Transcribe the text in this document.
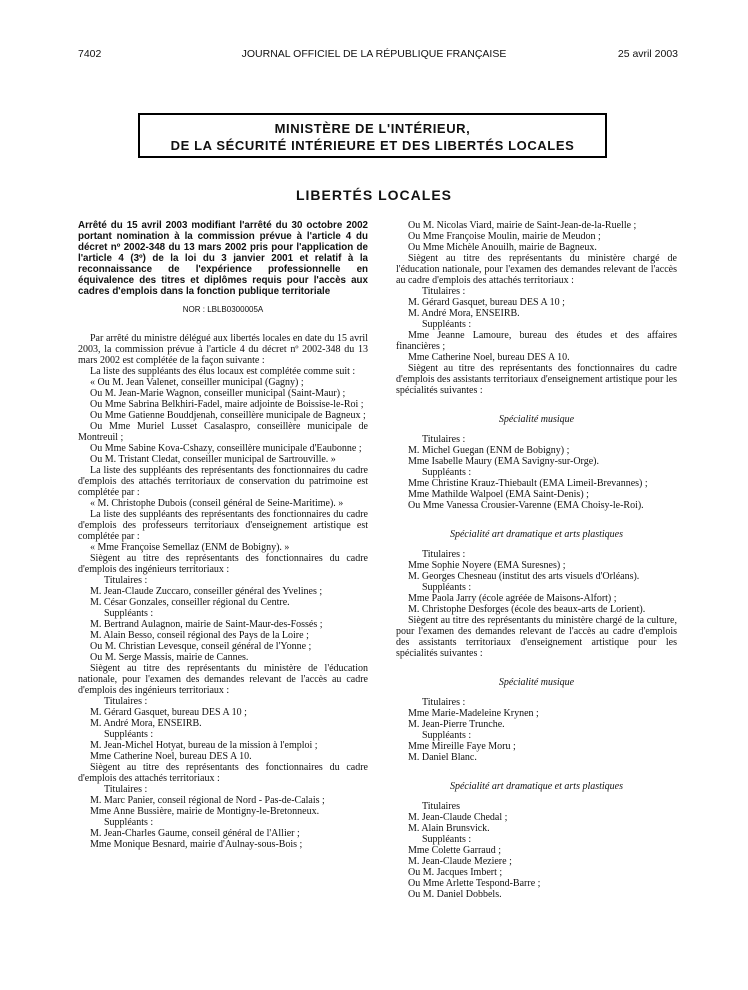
7402	JOURNAL OFFICIEL DE LA RÉPUBLIQUE FRANÇAISE	25 avril 2003
MINISTÈRE DE L'INTÉRIEUR,
DE LA SÉCURITÉ INTÉRIEURE ET DES LIBERTÉS LOCALES
LIBERTÉS LOCALES

Arrêté du 15 avril 2003 modifiant l'arrêté du 30 octobre 2002 portant nomination à la commission prévue à l'article 4 du décret nº 2002-348 du 13 mars 2002 pris pour l'application de l'article 4 (3º) de la loi du 3 janvier 2001 et relatif à la reconnaissance de l'expérience professionnelle en équivalence des titres et diplômes requis pour l'accès aux cadres d'emplois dans la fonction publique territoriale

NOR : LBLB0300005A

Par arrêté du ministre délégué aux libertés locales en date du 15 avril 2003, la commission prévue à l'article 4 du décret nº 2002-348 du 13 mars 2002 est complétée de la façon suivante :

La liste des suppléants des élus locaux est complétée comme suit :

« Ou M. Jean Valenet, conseiller municipal (Gagny) ;

Ou M. Jean-Marie Wagnon, conseiller municipal (Saint-Maur) ;

Ou Mme Sabrina Belkhiri-Fadel, maire adjointe de Boissise-le-Roi ;

Ou Mme Gatienne Bouddjenah, conseillère municipale de Bagneux ;

Ou Mme Muriel Lusset Casalaspro, conseillère municipale de Montreuil ;

Ou Mme Sabine Kova-Cshazy, conseillère municipale d'Eaubonne ;

Ou M. Tristant Cledat, conseiller municipal de Sartrouville. »

La liste des suppléants des représentants des fonctionnaires du cadre d'emplois des attachés territoriaux de conservation du patrimoine est complétée par :

« M. Christophe Dubois (conseil général de Seine-Maritime). »

La liste des suppléants des représentants des fonctionnaires du cadre d'emplois des professeurs territoriaux d'enseignement artistique est complétée par :

« Mme Françoise Semellaz (ENM de Bobigny). »

Siègent au titre des représentants des fonctionnaires du cadre d'emplois des ingénieurs territoriaux :

Titulaires :

M. Jean-Claude Zuccaro, conseiller général des Yvelines ;

M. César Gonzales, conseiller régional du Centre.

Suppléants :

M. Bertrand Aulagnon, mairie de Saint-Maur-des-Fossés ;

M. Alain Besso, conseil régional des Pays de la Loire ;

Ou M. Christian Levesque, conseil général de l'Yonne ;

Ou M. Serge Massis, mairie de Cannes.

Siègent au titre des représentants du ministère de l'éducation nationale, pour l'examen des demandes relevant de l'accès au cadre d'emplois des ingénieurs territoriaux :

Titulaires :

M. Gérard Gasquet, bureau DES A 10 ;

M. André Mora, ENSEIRB.

Suppléants :

M. Jean-Michel Hotyat, bureau de la mission à l'emploi ;

Mme Catherine Noel, bureau DES A 10.

Siègent au titre des représentants des fonctionnaires du cadre d'emplois des attachés territoriaux :

Titulaires :

M. Marc Panier, conseil régional de Nord - Pas-de-Calais ;

Mme Anne Bussière, mairie de Montigny-le-Bretonneux.

Suppléants :

M. Jean-Charles Gaume, conseil général de l'Allier ;

Mme Monique Besnard, mairie d'Aulnay-sous-Bois ;

Ou M. Nicolas Viard, mairie de Saint-Jean-de-la-Ruelle ;

Ou Mme Françoise Moulin, mairie de Meudon ;

Ou Mme Michèle Anouilh, mairie de Bagneux.

Siègent au titre des représentants du ministère chargé de l'éducation nationale, pour l'examen des demandes relevant de l'accès au cadre d'emplois des attachés territoriaux :

Titulaires :

M. Gérard Gasquet, bureau DES A 10 ;

M. André Mora, ENSEIRB.

Suppléants :

Mme Jeanne Lamoure, bureau des études et des affaires financières ;

Mme Catherine Noel, bureau DES A 10.

Siègent au titre des représentants des fonctionnaires du cadre d'emplois des assistants territoriaux d'enseignement artistique pour les spécialités suivantes :

Spécialité musique

Titulaires :

M. Michel Guegan (ENM de Bobigny) ;

Mme Isabelle Maury (EMA Savigny-sur-Orge).

Suppléants :

Mme Christine Krauz-Thiebault (EMA Limeil-Brevannes) ;

Mme Mathilde Walpoel (EMA Saint-Denis) ;

Ou Mme Vanessa Crousier-Varenne (EMA Choisy-le-Roi).

Spécialité art dramatique et arts plastiques

Titulaires :

Mme Sophie Noyere (EMA Suresnes) ;

M. Georges Chesneau (institut des arts visuels d'Orléans).

Suppléants :

Mme Paola Jarry (école agréée de Maisons-Alfort) ;

M. Christophe Desforges (école des beaux-arts de Lorient).

Siègent au titre des représentants du ministère chargé de la culture, pour l'examen des demandes relevant de l'accès au cadre d'emplois des assistants territoriaux d'enseignement artistique pour les spécialités suivantes :

Spécialité musique

Titulaires :

Mme Marie-Madeleine Krynen ;

M. Jean-Pierre Trunche.

Suppléants :

Mme Mireille Faye Moru ;

M. Daniel Blanc.

Spécialité art dramatique et arts plastiques

Titulaires

M. Jean-Claude Chedal ;

M. Alain Brunsvick.

Suppléants :

Mme Colette Garraud ;

M. Jean-Claude Meziere ;

Ou M. Jacques Imbert ;

Ou Mme Arlette Tespond-Barre ;

Ou M. Daniel Dobbels.
